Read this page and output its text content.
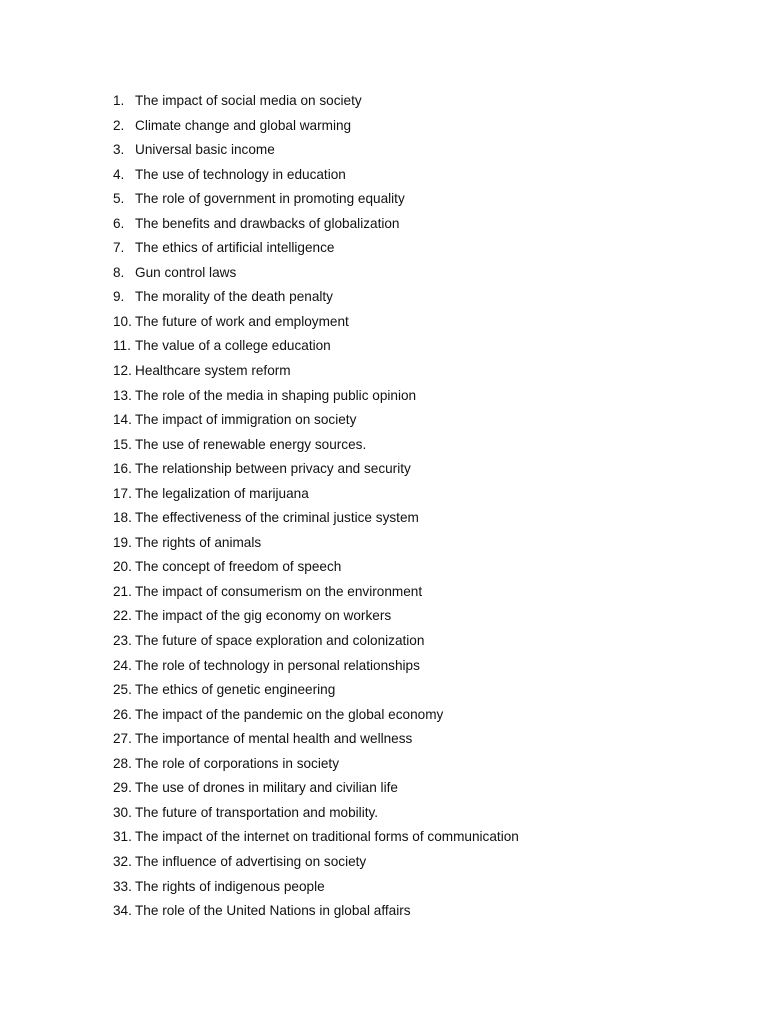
1. The impact of social media on society
2. Climate change and global warming
3. Universal basic income
4. The use of technology in education
5. The role of government in promoting equality
6. The benefits and drawbacks of globalization
7. The ethics of artificial intelligence
8. Gun control laws
9. The morality of the death penalty
10. The future of work and employment
11. The value of a college education
12. Healthcare system reform
13. The role of the media in shaping public opinion
14. The impact of immigration on society
15. The use of renewable energy sources.
16. The relationship between privacy and security
17. The legalization of marijuana
18. The effectiveness of the criminal justice system
19. The rights of animals
20. The concept of freedom of speech
21. The impact of consumerism on the environment
22. The impact of the gig economy on workers
23. The future of space exploration and colonization
24. The role of technology in personal relationships
25. The ethics of genetic engineering
26. The impact of the pandemic on the global economy
27. The importance of mental health and wellness
28. The role of corporations in society
29. The use of drones in military and civilian life
30. The future of transportation and mobility.
31. The impact of the internet on traditional forms of communication
32. The influence of advertising on society
33. The rights of indigenous people
34. The role of the United Nations in global affairs
